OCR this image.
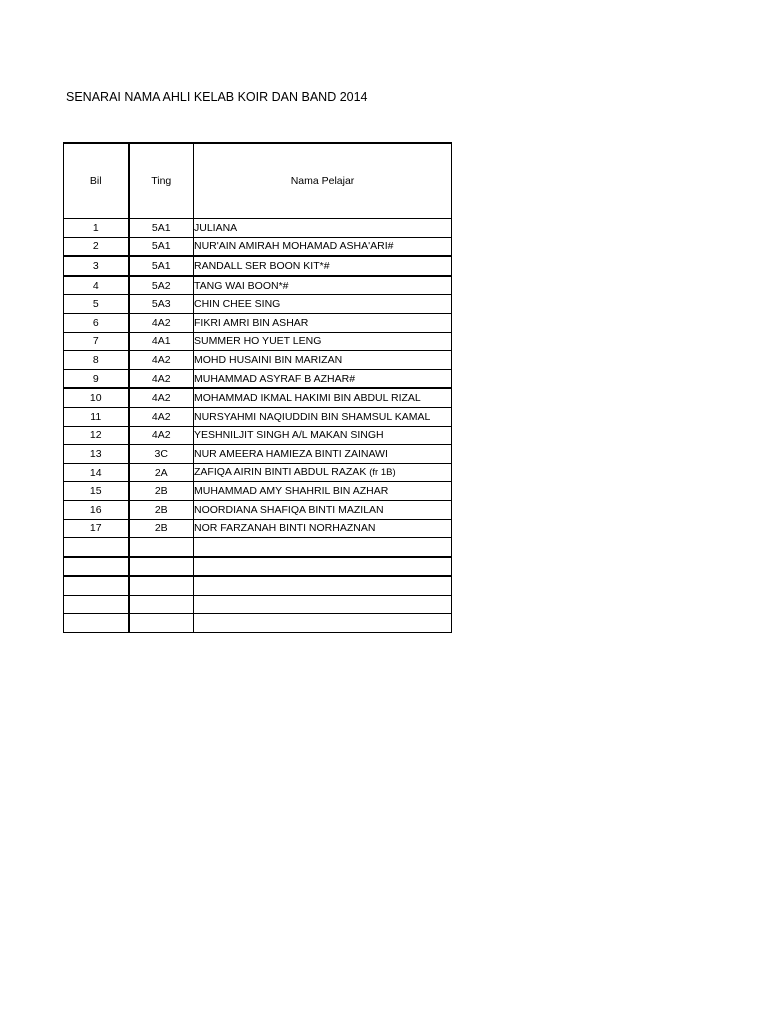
SENARAI NAMA AHLI KELAB KOIR DAN BAND 2014
Bil	Ting	Nama Pelajar
1	5A1	JULIANA
2	5A1	NUR'AIN AMIRAH MOHAMAD ASHA'ARI#
3	5A1	RANDALL SER BOON KIT*#
4	5A2	TANG WAI BOON*#
5	5A3	CHIN CHEE SING
6	4A2	FIKRI AMRI BIN ASHAR
7	4A1	SUMMER HO YUET LENG
8	4A2	MOHD HUSAINI BIN MARIZAN
9	4A2	MUHAMMAD ASYRAF B AZHAR#
10	4A2	MOHAMMAD IKMAL HAKIMI BIN ABDUL RIZAL
11	4A2	NURSYAHMI NAQIUDDIN BIN SHAMSUL KAMAL
12	4A2	YESHNILJIT SINGH A/L MAKAN SINGH
13	3C	NUR AMEERA HAMIEZA BINTI ZAINAWI
14	2A	ZAFIQA AIRIN BINTI ABDUL RAZAK (fr 1B)
15	2B	MUHAMMAD AMY SHAHRIL BIN AZHAR
16	2B	NOORDIANA SHAFIQA BINTI MAZILAN
17	2B	NOR FARZANAH BINTI NORHAZNAN
